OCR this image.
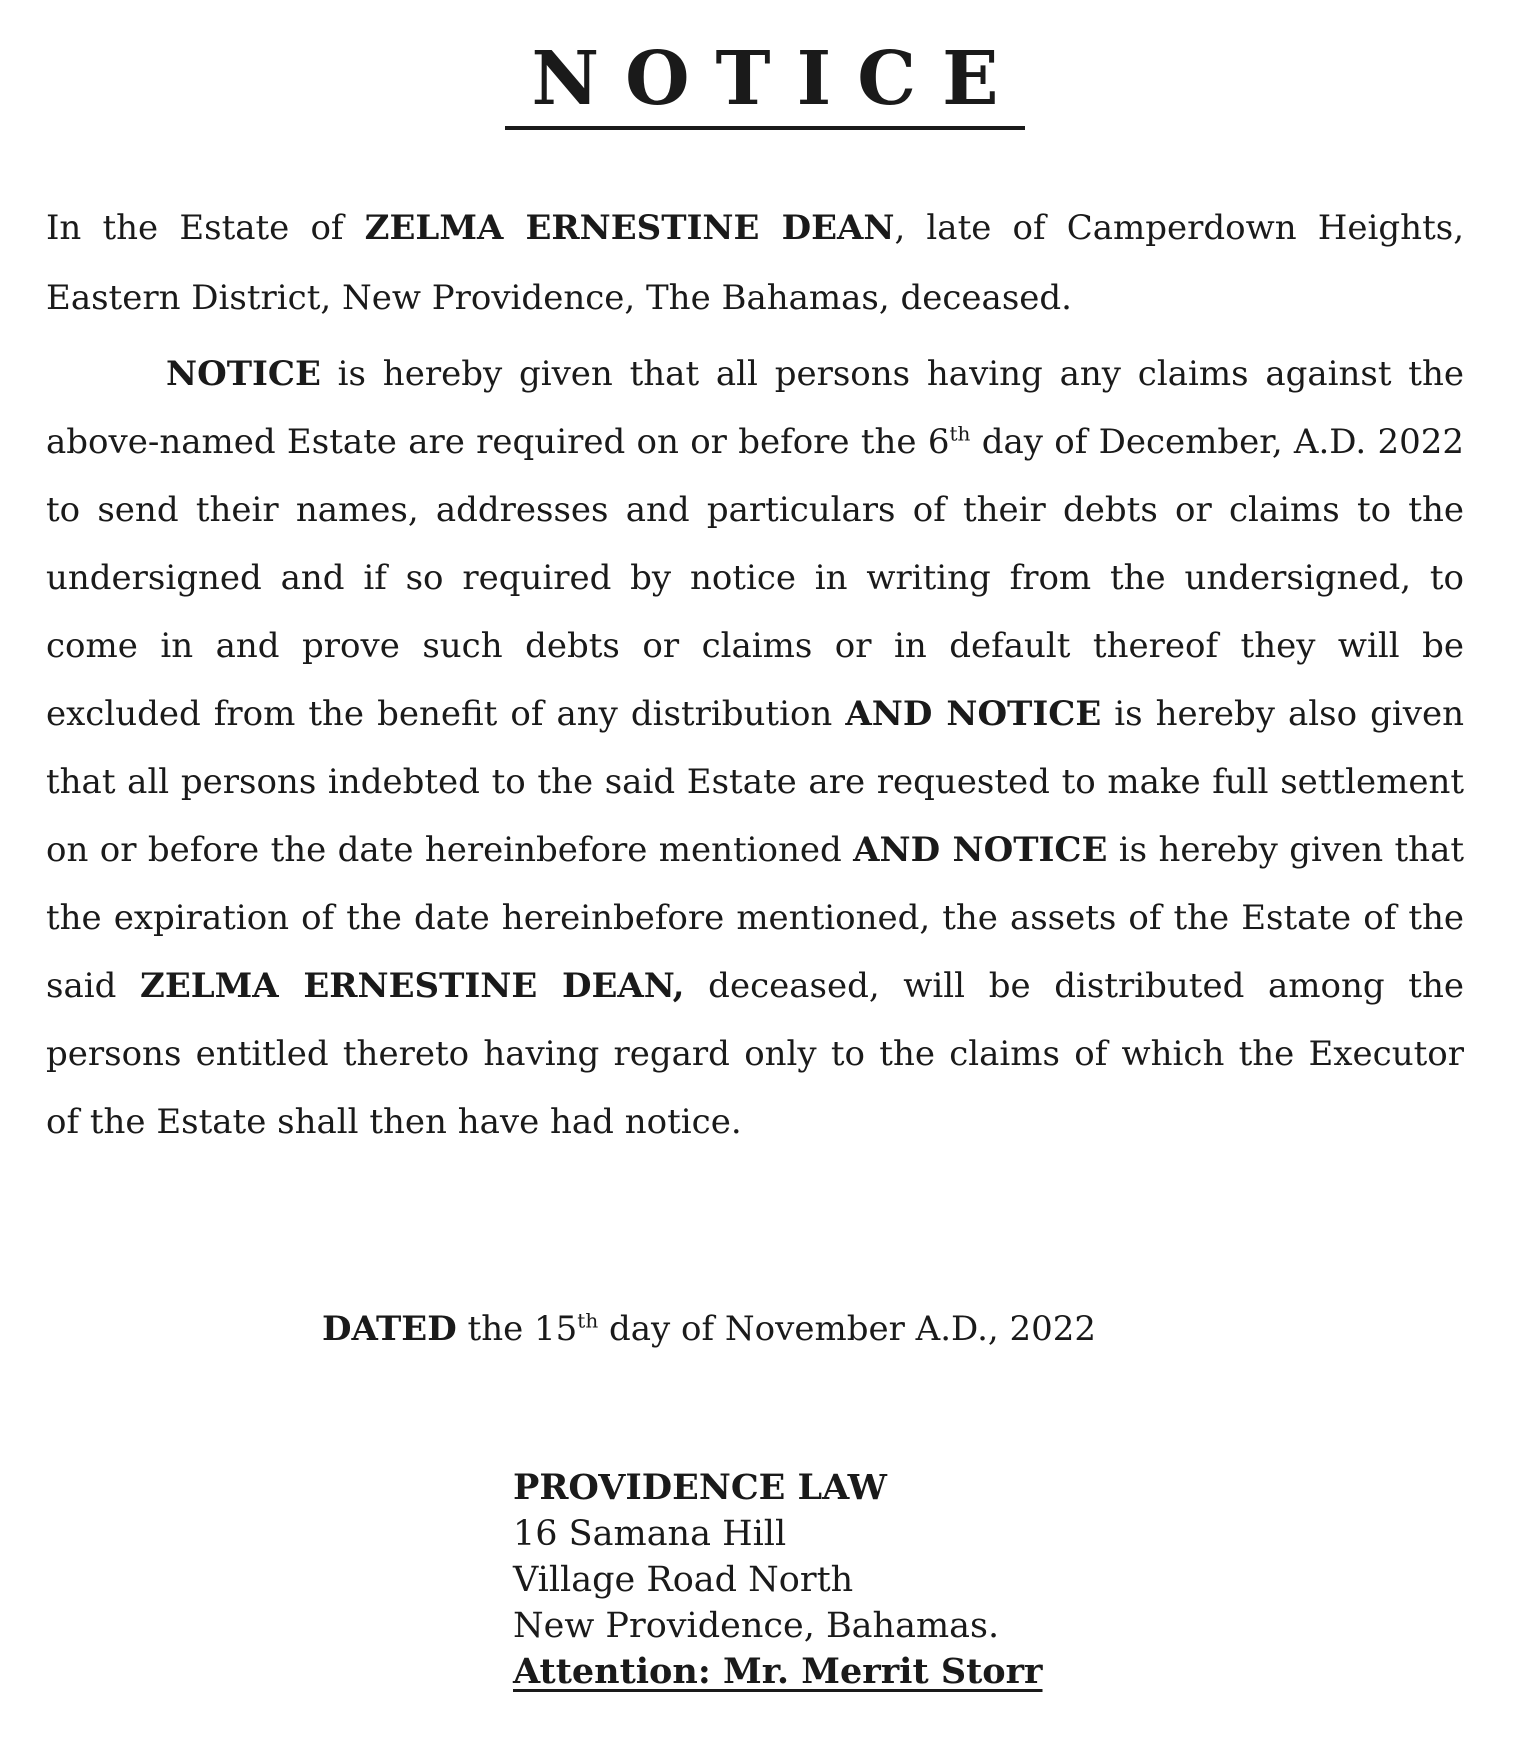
NOTICE

In the Estate of ZELMA ERNESTINE DEAN, late of Camperdown Heights, Eastern District, New Providence, The Bahamas, deceased.

NOTICE is hereby given that all persons having any claims against the above-named Estate are required on or before the 6th day of December, A.D. 2022 to send their names, addresses and particulars of their debts or claims to the undersigned and if so required by notice in writing from the undersigned, to come in and prove such debts or claims or in default thereof they will be excluded from the benefit of any distribution AND NOTICE is hereby also given that all persons indebted to the said Estate are requested to make full settlement on or before the date hereinbefore mentioned AND NOTICE is hereby given that the expiration of the date hereinbefore mentioned, the assets of the Estate of the said ZELMA ERNESTINE DEAN, deceased, will be distributed among the persons entitled thereto having regard only to the claims of which the Executor of the Estate shall then have had notice.

DATED the 15th day of November A.D., 2022
PROVIDENCE LAW
16 Samana Hill
Village Road North
New Providence, Bahamas.
Attention: Mr. Merrit Storr
